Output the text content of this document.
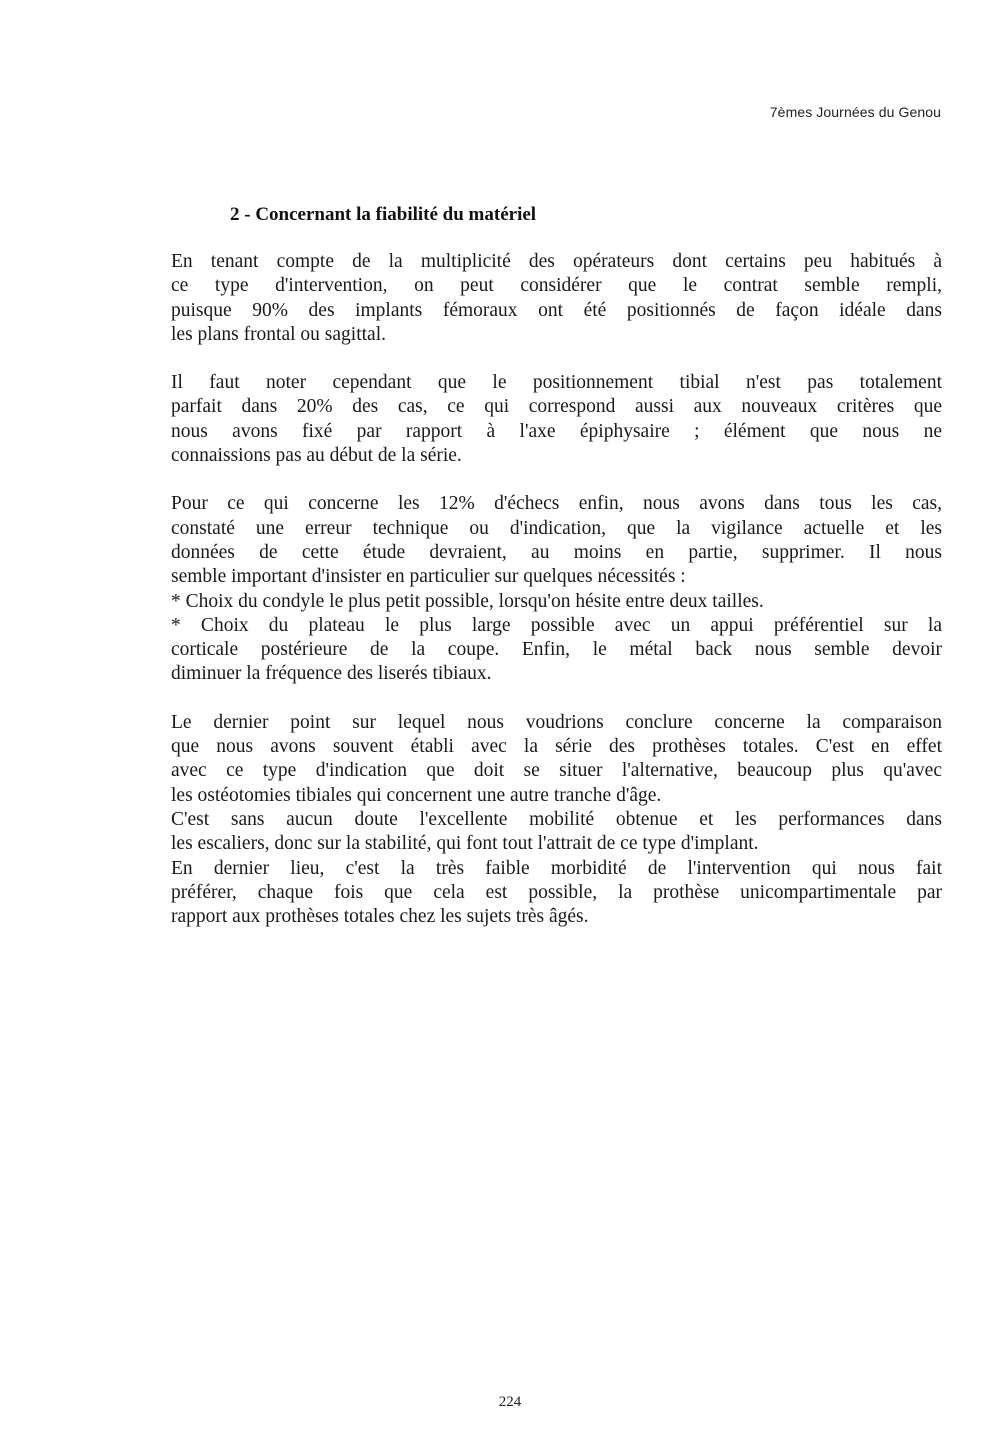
7èmes Journées du Genou
2 - Concernant la fiabilité du matériel

En tenant compte de la multiplicité des opérateurs dont certains peu habitués à
ce type d'intervention, on peut considérer que le contrat semble rempli,
puisque 90% des implants fémoraux ont été positionnés de façon idéale dans
les plans frontal ou sagittal.

Il faut noter cependant que le positionnement tibial n'est pas totalement
parfait dans 20% des cas, ce qui correspond aussi aux nouveaux critères que
nous avons fixé par rapport à l'axe épiphysaire ; élément que nous ne
connaissions pas au début de la série.

Pour ce qui concerne les 12% d'échecs enfin, nous avons dans tous les cas,
constaté une erreur technique ou d'indication, que la vigilance actuelle et les
données de cette étude devraient, au moins en partie, supprimer. Il nous
semble important d'insister en particulier sur quelques nécessités :
* Choix du condyle le plus petit possible, lorsqu'on hésite entre deux tailles.
* Choix du plateau le plus large possible avec un appui préférentiel sur la
corticale postérieure de la coupe. Enfin, le métal back nous semble devoir
diminuer la fréquence des liserés tibiaux.

Le dernier point sur lequel nous voudrions conclure concerne la comparaison
que nous avons souvent établi avec la série des prothèses totales. C'est en effet
avec ce type d'indication que doit se situer l'alternative, beaucoup plus qu'avec
les ostéotomies tibiales qui concernent une autre tranche d'âge.
C'est sans aucun doute l'excellente mobilité obtenue et les performances dans
les escaliers, donc sur la stabilité, qui font tout l'attrait de ce type d'implant.
En dernier lieu, c'est la très faible morbidité de l'intervention qui nous fait
préférer, chaque fois que cela est possible, la prothèse unicompartimentale par
rapport aux prothèses totales chez les sujets très âgés.

224
